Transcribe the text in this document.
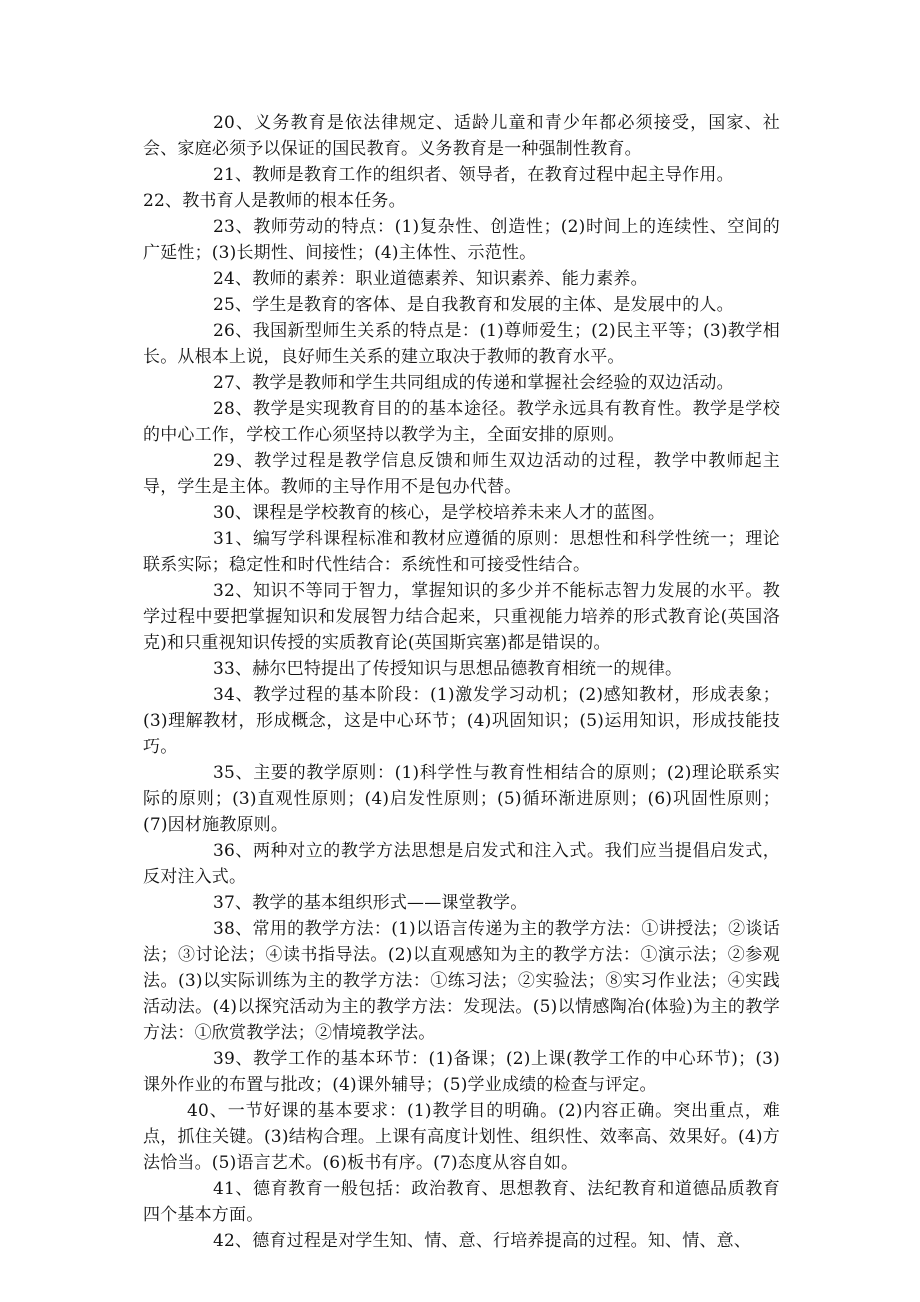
20、义务教育是依法律规定、适龄儿童和青少年都必须接受，国家、社会、家庭必须予以保证的国民教育。义务教育是一种强制性教育。

21、教师是教育工作的组织者、领导者，在教育过程中起主导作用。

22、教书育人是教师的根本任务。

23、教师劳动的特点：(1)复杂性、创造性；(2)时间上的连续性、空间的广延性；(3)长期性、间接性；(4)主体性、示范性。

24、教师的素养：职业道德素养、知识素养、能力素养。

25、学生是教育的客体、是自我教育和发展的主体、是发展中的人。

26、我国新型师生关系的特点是：(1)尊师爱生；(2)民主平等；(3)教学相长。从根本上说，良好师生关系的建立取决于教师的教育水平。

27、教学是教师和学生共同组成的传递和掌握社会经验的双边活动。

28、教学是实现教育目的的基本途径。教学永远具有教育性。教学是学校的中心工作，学校工作心须坚持以教学为主，全面安排的原则。

29、教学过程是教学信息反馈和师生双边活动的过程，教学中教师起主导，学生是主体。教师的主导作用不是包办代替。

30、课程是学校教育的核心，是学校培养未来人才的蓝图。

31、编写学科课程标准和教材应遵循的原则：思想性和科学性统一；理论联系实际；稳定性和时代性结合：系统性和可接受性结合。

32、知识不等同于智力，掌握知识的多少并不能标志智力发展的水平。教学过程中要把掌握知识和发展智力结合起来，只重视能力培养的形式教育论(英国洛克)和只重视知识传授的实质教育论(英国斯宾塞)都是错误的。

33、赫尔巴特提出了传授知识与思想品德教育相统一的规律。

34、教学过程的基本阶段：(1)激发学习动机；(2)感知教材，形成表象；(3)理解教材，形成概念，这是中心环节；(4)巩固知识；(5)运用知识，形成技能技巧。

35、主要的教学原则：(1)科学性与教育性相结合的原则；(2)理论联系实际的原则；(3)直观性原则；(4)启发性原则；(5)循环渐进原则；(6)巩固性原则；(7)因材施教原则。

36、两种对立的教学方法思想是启发式和注入式。我们应当提倡启发式，反对注入式。

37、教学的基本组织形式——课堂教学。

38、常用的教学方法：(1)以语言传递为主的教学方法：①讲授法；②谈话法；③讨论法；④读书指导法。(2)以直观感知为主的教学方法：①演示法；②参观法。(3)以实际训练为主的教学方法：①练习法；②实验法；⑧实习作业法；④实践活动法。(4)以探究活动为主的教学方法：发现法。(5)以情感陶冶(体验)为主的教学方法：①欣赏教学法；②情境教学法。

39、教学工作的基本环节：(1)备课；(2)上课(教学工作的中心环节)；(3)课外作业的布置与批改；(4)课外辅导；(5)学业成绩的检查与评定。

40、一节好课的基本要求：(1)教学目的明确。(2)内容正确。突出重点，难点，抓住关键。(3)结构合理。上课有高度计划性、组织性、效率高、效果好。(4)方法恰当。(5)语言艺术。(6)板书有序。(7)态度从容自如。

41、德育教育一般包括：政治教育、思想教育、法纪教育和道德品质教育四个基本方面。

42、德育过程是对学生知、情、意、行培养提高的过程。知、情、意、
